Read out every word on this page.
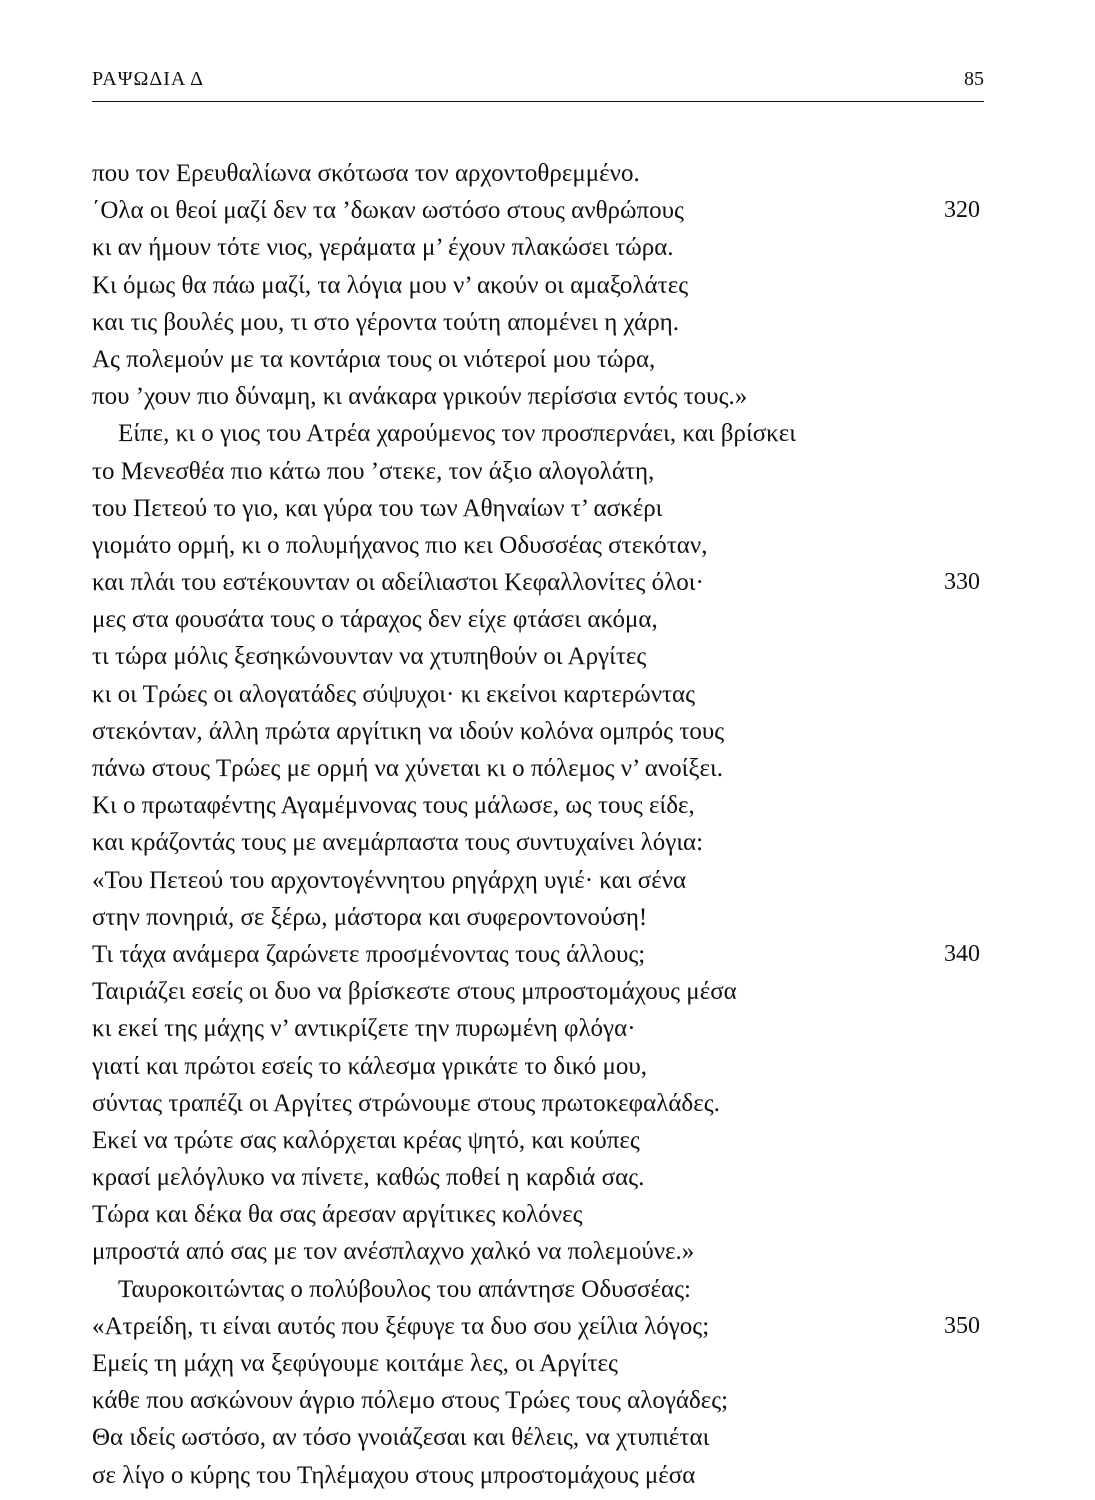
ΡΑΨΩΔΙΑ Δ	85
που τον Ερευθαλίωνα σκότωσα τον αρχοντοθρεμμένο.
΄Ολα οι θεοί μαζί δεν τα ’δωκαν ωστόσο στους ανθρώπους	320
κι αν ήμουν τότε νιος, γεράματα μ’ έχουν πλακώσει τώρα.
Κι όμως θα πάω μαζί, τα λόγια μου ν’ ακούν οι αμαξολάτες
και τις βουλές μου, τι στο γέροντα τούτη απομένει η χάρη.
Ας πολεμούν με τα κοντάρια τους οι νιότεροί μου τώρα,
που ’χουν πιο δύναμη, κι ανάκαρα γρικούν περίσσια εντός τους.»
Είπε, κι ο γιος του Ατρέα χαρούμενος τον προσπερνάει, και βρίσκει
το Μενεσθέα πιο κάτω που ’στεκε, τον άξιο αλογολάτη,
του Πετεού το γιο, και γύρα του των Αθηναίων τ’ ασκέρι
γιομάτο ορμή, κι ο πολυμήχανος πιο κει Οδυσσέας στεκόταν,
και πλάι του εστέκουνταν οι αδείλιαστοι Κεφαλλονίτες όλοι·	330
μες στα φουσάτα τους ο τάραχος δεν είχε φτάσει ακόμα,
τι τώρα μόλις ξεσηκώνουνταν να χτυπηθούν οι Αργίτες
κι οι Τρώες οι αλογατάδες σύψυχοι· κι εκείνοι καρτερώντας
στεκόνταν, άλλη πρώτα αργίτικη να ιδούν κολόνα ομπρός τους
πάνω στους Τρώες με ορμή να χύνεται κι ο πόλεμος ν’ ανοίξει.
Κι ο πρωταφέντης Αγαμέμνονας τους μάλωσε, ως τους είδε,
και κράζοντάς τους με ανεμάρπαστα τους συντυχαίνει λόγια:
«Του Πετεού του αρχοντογέννητου ρηγάρχη υγιέ· και σένα
στην πονηριά, σε ξέρω, μάστορα και συφεροντονούση!
Τι τάχα ανάμερα ζαρώνετε προσμένοντας τους άλλους;	340
Ταιριάζει εσείς οι δυο να βρίσκεστε στους μπροστομάχους μέσα
κι εκεί της μάχης ν’ αντικρίζετε την πυρωμένη φλόγα·
γιατί και πρώτοι εσείς το κάλεσμα γρικάτε το δικό μου,
σύντας τραπέζι οι Αργίτες στρώνουμε στους πρωτοκεφαλάδες.
Εκεί να τρώτε σας καλόρχεται κρέας ψητό, και κούπες
κρασί μελόγλυκο να πίνετε, καθώς ποθεί η καρδιά σας.
Τώρα και δέκα θα σας άρεσαν αργίτικες κολόνες
μπροστά από σας με τον ανέσπλαχνο χαλκό να πολεμούνε.»
Ταυροκοιτώντας ο πολύβουλος του απάντησε Οδυσσέας:
«Ατρείδη, τι είναι αυτός που ξέφυγε τα δυο σου χείλια λόγος;	350
Εμείς τη μάχη να ξεφύγουμε κοιτάμε λες, οι Αργίτες
κάθε που ασκώνουν άγριο πόλεμο στους Τρώες τους αλογάδες;
Θα ιδείς ωστόσο, αν τόσο γνοιάζεσαι και θέλεις, να χτυπιέται
σε λίγο ο κύρης του Τηλέμαχου στους μπροστομάχους μέσα
